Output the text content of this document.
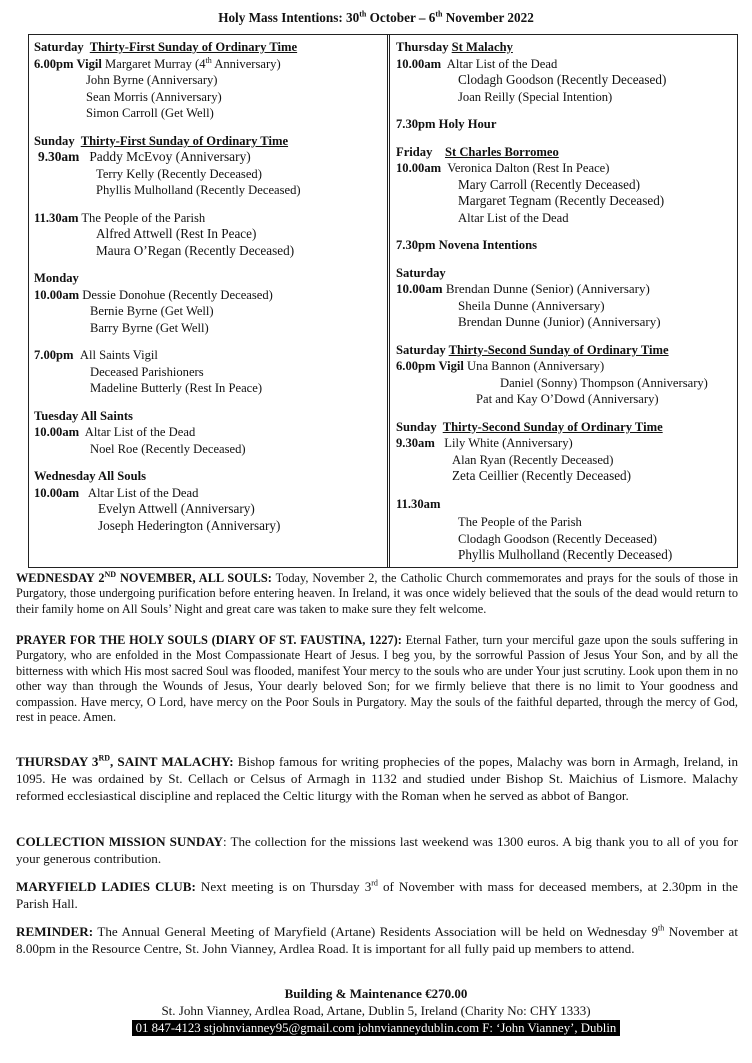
Holy Mass Intentions: 30th October – 6th November 2022
Saturday Thirty-First Sunday of Ordinary Time
6.00pm Vigil Margaret Murray (4th Anniversary)
John Byrne (Anniversary)
Sean Morris (Anniversary)
Simon Carroll (Get Well)
Sunday Thirty-First Sunday of Ordinary Time
9.30am Paddy McEvoy (Anniversary)
Terry Kelly (Recently Deceased)
Phyllis Mulholland (Recently Deceased)
11.30am The People of the Parish
Alfred Attwell (Rest In Peace)
Maura O’Regan (Recently Deceased)
Monday
10.00am Dessie Donohue (Recently Deceased)
Bernie Byrne (Get Well)
Barry Byrne (Get Well)
7.00pm All Saints Vigil
Deceased Parishioners
Madeline Butterly (Rest In Peace)
Tuesday All Saints
10.00am Altar List of the Dead
Noel Roe (Recently Deceased)
Wednesday All Souls
10.00am Altar List of the Dead
Evelyn Attwell (Anniversary)
Joseph Hederington (Anniversary)
Thursday St Malachy
10.00am Altar List of the Dead
Clodagh Goodson (Recently Deceased)
Joan Reilly (Special Intention)
7.30pm Holy Hour
Friday St Charles Borromeo
10.00am Veronica Dalton (Rest In Peace)
Mary Carroll (Recently Deceased)
Margaret Tegnam (Recently Deceased)
Altar List of the Dead
7.30pm Novena Intentions
Saturday
10.00am Brendan Dunne (Senior) (Anniversary)
Sheila Dunne (Anniversary)
Brendan Dunne (Junior) (Anniversary)
Saturday Thirty-Second Sunday of Ordinary Time
6.00pm Vigil Una Bannon (Anniversary)
Daniel (Sonny) Thompson (Anniversary)
Pat and Kay O’Dowd (Anniversary)
Sunday Thirty-Second Sunday of Ordinary Time
9.30am Lily White (Anniversary)
Alan Ryan (Recently Deceased)
Zeta Ceillier (Recently Deceased)
11.30am
The People of the Parish
Clodagh Goodson (Recently Deceased)
Phyllis Mulholland (Recently Deceased)
WEDNESDAY 2ND NOVEMBER, ALL SOULS: Today, November 2, the Catholic Church commemorates and prays for the souls of those in Purgatory, those undergoing purification before entering heaven. In Ireland, it was once widely believed that the souls of the dead would return to their family home on All Souls’ Night and great care was taken to make sure they felt welcome.
PRAYER FOR THE HOLY SOULS (DIARY OF ST. FAUSTINA, 1227): Eternal Father, turn your merciful gaze upon the souls suffering in Purgatory, who are enfolded in the Most Compassionate Heart of Jesus. I beg you, by the sorrowful Passion of Jesus Your Son, and by all the bitterness with which His most sacred Soul was flooded, manifest Your mercy to the souls who are under Your just scrutiny. Look upon them in no other way than through the Wounds of Jesus, Your dearly beloved Son; for we firmly believe that there is no limit to Your goodness and compassion. Have mercy, O Lord, have mercy on the Poor Souls in Purgatory. May the souls of the faithful departed, through the mercy of God, rest in peace. Amen.
THURSDAY 3RD, SAINT MALACHY: Bishop famous for writing prophecies of the popes, Malachy was born in Armagh, Ireland, in 1095. He was ordained by St. Cellach or Celsus of Armagh in 1132 and studied under Bishop St. Maichius of Lismore. Malachy reformed ecclesiastical discipline and replaced the Celtic liturgy with the Roman when he served as abbot of Bangor.
COLLECTION MISSION SUNDAY: The collection for the missions last weekend was 1300 euros. A big thank you to all of you for your generous contribution.
MARYFIELD LADIES CLUB: Next meeting is on Thursday 3rd of November with mass for deceased members, at 2.30pm in the Parish Hall.
REMINDER: The Annual General Meeting of Maryfield (Artane) Residents Association will be held on Wednesday 9th November at 8.00pm in the Resource Centre, St. John Vianney, Ardlea Road. It is important for all fully paid up members to attend.
Building & Maintenance €270.00
St. John Vianney, Ardlea Road, Artane, Dublin 5, Ireland (Charity No: CHY 1333)
01 847-4123 stjohnvianney95@gmail.com johnvianneydublin.com F: ‘John Vianney’, Dublin
